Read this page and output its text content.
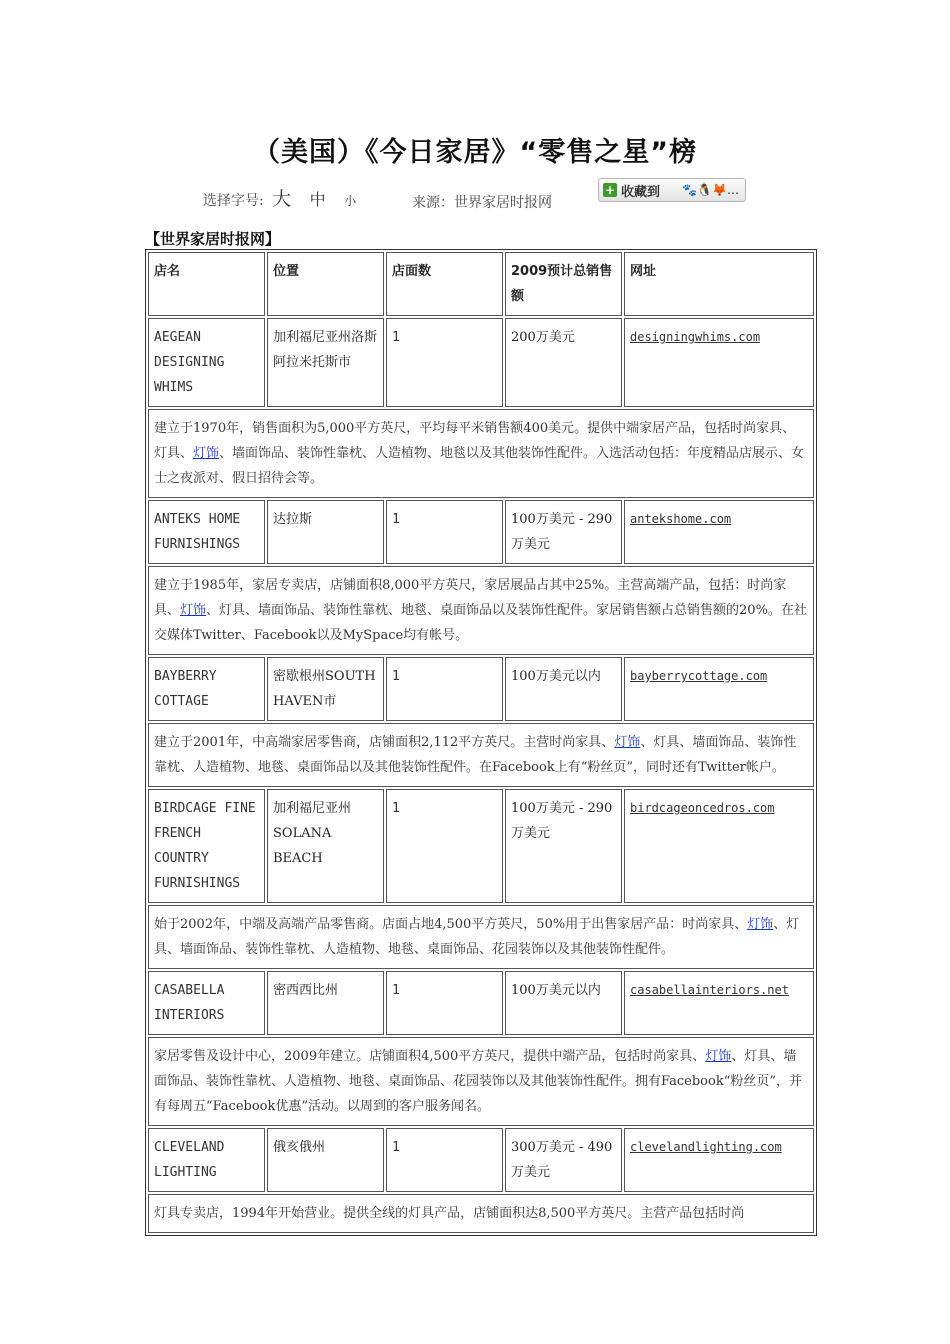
（美国）《今日家居》“零售之星”榜
选择字号: 大 中 小	来源：世界家居时报网
+ 收藏到 🐾🐧🦊…
【世界家居时报网】
店名	位置	店面数	2009预计总销售额	网址
AEGEAN DESIGNING WHIMS	加利福尼亚州洛斯阿拉米托斯市	1	200万美元	designingwhims.com
建立于1970年，销售面积为5,000平方英尺，平均每平米销售额400美元。提供中端家居产品，包括时尚家具、灯具、灯饰、墙面饰品、装饰性靠枕、人造植物、地毯以及其他装饰性配件。入选活动包括：年度精品店展示、女士之夜派对、假日招待会等。				
ANTEKS HOME FURNISHINGS	达拉斯	1	100万美元 - 290万美元	antekshome.com
建立于1985年，家居专卖店，店铺面积8,000平方英尺，家居展品占其中25%。主营高端产品，包括：时尚家具、灯饰、灯具、墙面饰品、装饰性靠枕、地毯、桌面饰品以及装饰性配件。家居销售额占总销售额的20%。在社交媒体Twitter、Facebook以及MySpace均有帐号。				
BAYBERRY COTTAGE	密歇根州SOUTH HAVEN市	1	100万美元以内	bayberrycottage.com
建立于2001年，中高端家居零售商，店铺面积2,112平方英尺。主营时尚家具、灯饰、灯具、墙面饰品、装饰性靠枕、人造植物、地毯、桌面饰品以及其他装饰性配件。在Facebook上有“粉丝页”，同时还有Twitter帐户。				
BIRDCAGE FINE FRENCH COUNTRY FURNISHINGS	加利福尼亚州SOLANA BEACH	1	100万美元 - 290万美元	birdcageoncedros.com
始于2002年，中端及高端产品零售商。店面占地4,500平方英尺，50%用于出售家居产品：时尚家具、灯饰、灯具、墙面饰品、装饰性靠枕、人造植物、地毯、桌面饰品、花园装饰以及其他装饰性配件。				
CASABELLA INTERIORS	密西西比州	1	100万美元以内	casabellainteriors.net
家居零售及设计中心，2009年建立。店铺面积4,500平方英尺，提供中端产品，包括时尚家具、灯饰、灯具、墙面饰品、装饰性靠枕、人造植物、地毯、桌面饰品、花园装饰以及其他装饰性配件。拥有Facebook“粉丝页”，并有每周五“Facebook优惠”活动。以周到的客户服务闻名。				
CLEVELAND LIGHTING	俄亥俄州	1	300万美元 - 490万美元	clevelandlighting.com
灯具专卖店，1994年开始营业。提供全线的灯具产品，店铺面积达8,500平方英尺。主营产品包括时尚				
